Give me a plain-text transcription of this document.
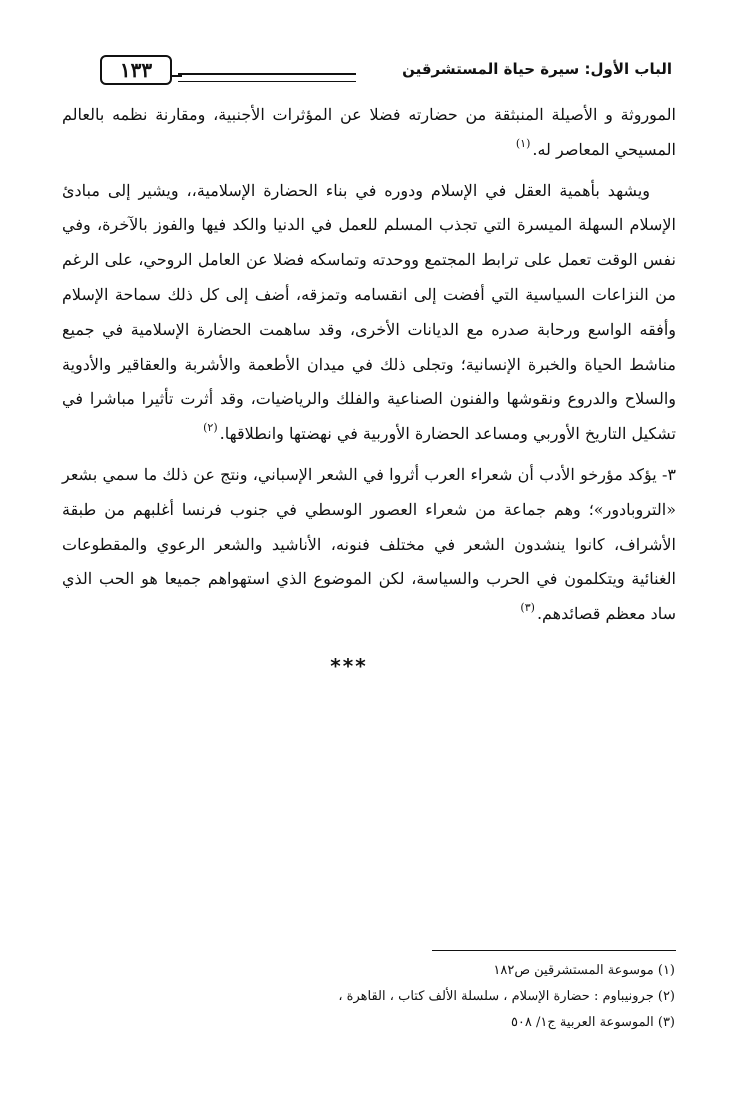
الباب الأول: سيرة حياة المستشرقين
١٣٣

الموروثة و الأصيلة المنبثقة من حضارته فضلا عن المؤثرات الأجنبية، ومقارنة نظمه بالعالم المسيحي المعاصر له.$^{(١)}$

ويشهد بأهمية العقل في الإسلام ودوره في بناء الحضارة الإسلامية،، ويشير إلى مبادئ الإسلام السهلة الميسرة التي تجذب المسلم للعمل في الدنيا والكد فيها والفوز بالآخرة، وفي نفس الوقت تعمل على ترابط المجتمع ووحدته وتماسكه فضلا عن العامل الروحي، على الرغم من النزاعات السياسية التي أفضت إلى انقسامه وتمزقه، أضف إلى كل ذلك سماحة الإسلام وأفقه الواسع ورحابة صدره مع الديانات الأخرى، وقد ساهمت الحضارة الإسلامية في جميع مناشط الحياة والخبرة الإنسانية؛ وتجلى ذلك في ميدان الأطعمة والأشربة والعقاقير والأدوية والسلاح والدروع ونقوشها والفنون الصناعية والفلك والرياضيات، وقد أثرت تأثيرا مباشرا في تشكيل التاريخ الأوربي ومساعد الحضارة الأوربية في نهضتها وانطلاقها.$^{(٢)}$

٣- يؤكد مؤرخو الأدب أن شعراء العرب أثروا في الشعر الإسباني، ونتج عن ذلك ما سمي بشعر «التروبادور»؛ وهم جماعة من شعراء العصور الوسطي في جنوب فرنسا أغلبهم من طبقة الأشراف، كانوا ينشدون الشعر في مختلف فنونه، الأناشيد والشعر الرعوي والمقطوعات الغنائية ويتكلمون في الحرب والسياسة، لكن الموضوع الذي استهواهم جميعا هو الحب الذي ساد معظم قصائدهم.$^{(٣)}$

***
(١) موسوعة المستشرقين ص١٨٢
(٢) جرونيباوم : حضارة الإسلام ، سلسلة الألف كتاب ، القاهرة ،
(٣) الموسوعة العربية ج١/ ٥٠٨
